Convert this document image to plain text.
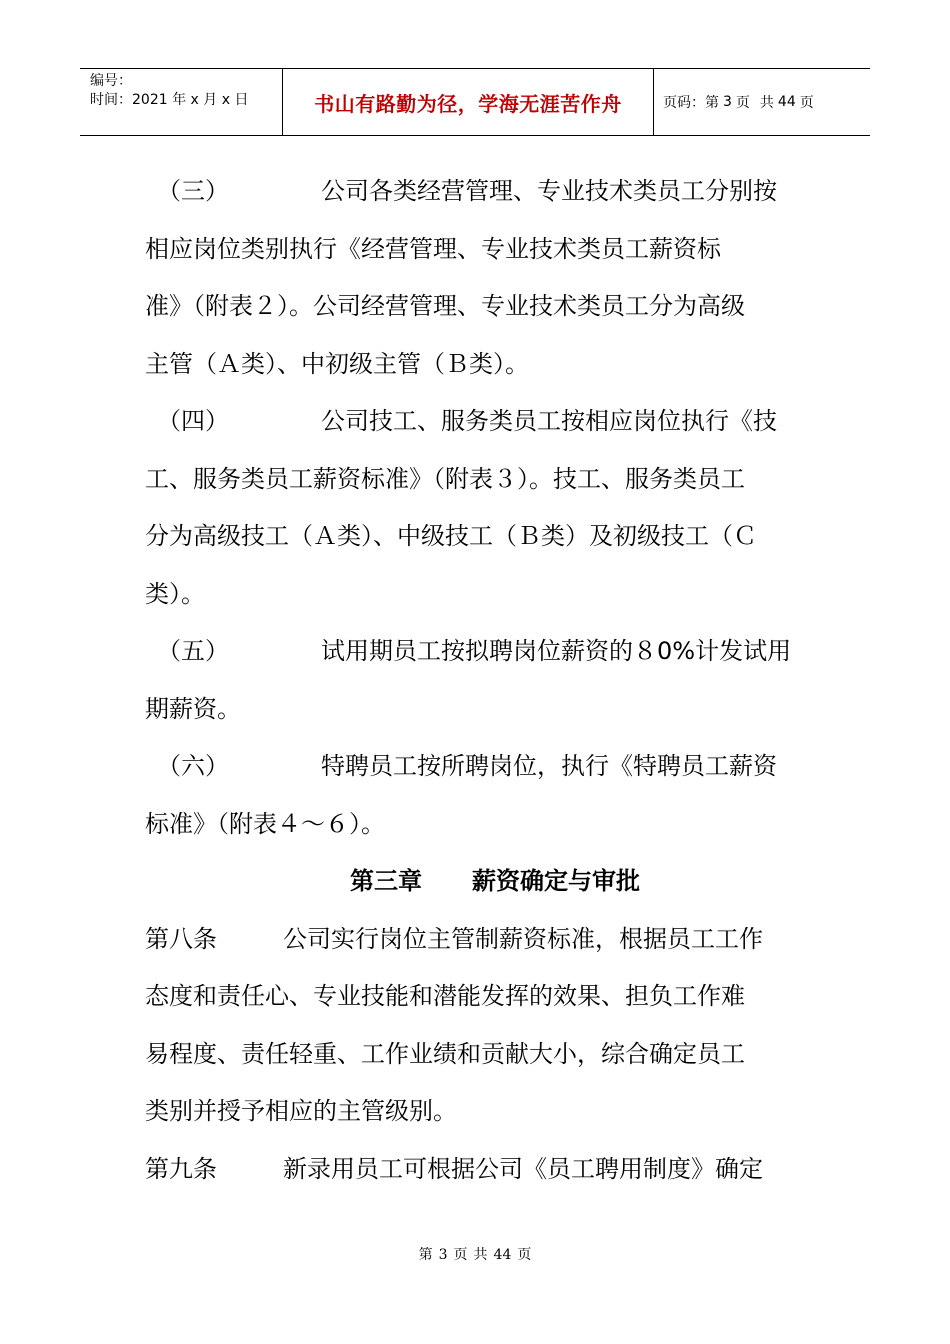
编号：
时间：2021 年 x 月 x 日	书山有路勤为径，学海无涯苦作舟	页码：第 3 页 共 44 页
（三）	公司各类经营管理、专业技术类员工分别按
相应岗位类别执行《经营管理、专业技术类员工薪资标
准》（附表２）。公司经营管理、专业技术类员工分为高级
主管（Ａ类）、中初级主管（Ｂ类）。
（四）	公司技工、服务类员工按相应岗位执行《技
工、服务类员工薪资标准》（附表３）。技工、服务类员工
分为高级技工（Ａ类）、中级技工（Ｂ类）及初级技工（Ｃ
类）。
（五）	试用期员工按拟聘岗位薪资的８0%计发试用
期薪资。
（六）	特聘员工按所聘岗位，执行《特聘员工薪资
标准》（附表４～６）。
第三章 薪资确定与审批
第八条	公司实行岗位主管制薪资标准，根据员工工作
态度和责任心、专业技能和潜能发挥的效果、担负工作难
易程度、责任轻重、工作业绩和贡献大小，综合确定员工
类别并授予相应的主管级别。
第九条	新录用员工可根据公司《员工聘用制度》确定
第 3 页 共 44 页
